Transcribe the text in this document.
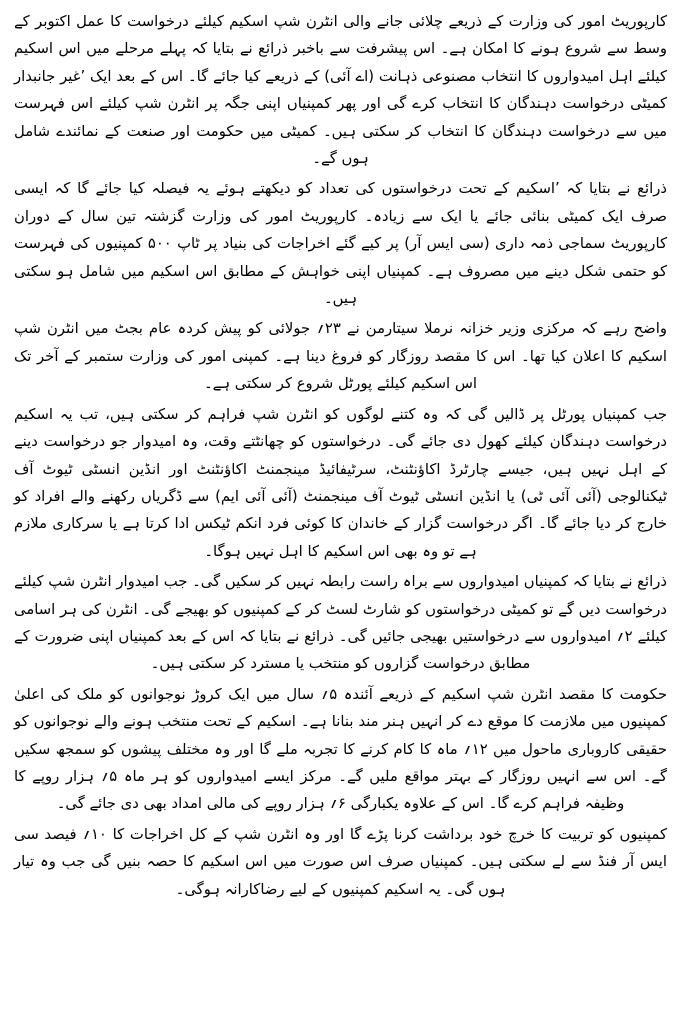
کارپوریٹ امور کی وزارت کے ذریعے چلائی جانے والی انٹرن شپ اسکیم کیلئے درخواست کا عمل اکتوبر کے وسط سے شروع ہونے کا امکان ہے۔ اس پیشرفت سے باخبر ذرائع نے بتایا کہ پہلے مرحلے میں اس اسکیم کیلئے اہل امیدواروں کا انتخاب مصنوعی ذہانت (اے آئی) کے ذریعے کیا جائے گا۔ اس کے بعد ایک ’غیر جانبدار کمیٹی درخواست دہندگان کا انتخاب کرے گی اور پھر کمپنیاں اپنی جگہ پر انٹرن شپ کیلئے اس فہرست میں سے درخواست دہندگان کا انتخاب کر سکتی ہیں۔ کمیٹی میں حکومت اور صنعت کے نمائندے شامل ہوں گے۔

ذرائع نے بتایا کہ ’اسکیم کے تحت درخواستوں کی تعداد کو دیکھتے ہوئے یہ فیصلہ کیا جائے گا کہ ایسی صرف ایک کمیٹی بنائی جائے یا ایک سے زیادہ۔ کارپوریٹ امور کی وزارت گزشتہ تین سال کے دوران کارپوریٹ سماجی ذمہ داری (سی ایس آر) پر کیے گئے اخراجات کی بنیاد پر ٹاپ ۵۰۰ کمپنیوں کی فہرست کو حتمی شکل دینے میں مصروف ہے۔ کمپنیاں اپنی خواہش کے مطابق اس اسکیم میں شامل ہو سکتی ہیں۔

واضح رہے کہ مرکزی وزیر خزانہ نرملا سیتارمن نے ۲۳؍ جولائی کو پیش کردہ عام بجٹ میں انٹرن شپ اسکیم کا اعلان کیا تھا۔ اس کا مقصد روزگار کو فروغ دینا ہے۔ کمپنی امور کی وزارت ستمبر کے آخر تک اس اسکیم کیلئے پورٹل شروع کر سکتی ہے۔

جب کمپنیاں پورٹل پر ڈالیں گی کہ وہ کتنے لوگوں کو انٹرن شپ فراہم کر سکتی ہیں، تب یہ اسکیم درخواست دہندگان کیلئے کھول دی جائے گی۔ درخواستوں کو چھانٹتے وقت، وہ امیدوار جو درخواست دینے کے اہل نہیں ہیں، جیسے چارٹرڈ اکاؤنٹنٹ، سرٹیفائیڈ مینجمنٹ اکاؤنٹنٹ اور انڈین انسٹی ٹیوٹ آف ٹیکنالوجی (آئی آئی ٹی) یا انڈین انسٹی ٹیوٹ آف مینجمنٹ (آئی آئی ایم) سے ڈگریاں رکھنے والے افراد کو خارج کر دیا جائے گا۔ اگر درخواست گزار کے خاندان کا کوئی فرد انکم ٹیکس ادا کرتا ہے یا سرکاری ملازم ہے تو وہ بھی اس اسکیم کا اہل نہیں ہوگا۔

ذرائع نے بتایا کہ کمپنیاں امیدواروں سے براہ راست رابطہ نہیں کر سکیں گی۔ جب امیدوار انٹرن شپ کیلئے درخواست دیں گے تو کمیٹی درخواستوں کو شارٹ لسٹ کر کے کمپنیوں کو بھیجے گی۔ انٹرن کی ہر اسامی کیلئے ۲؍ امیدواروں سے درخواستیں بھیجی جائیں گی۔ ذرائع نے بتایا کہ اس کے بعد کمپنیاں اپنی ضرورت کے مطابق درخواست گزاروں کو منتخب یا مسترد کر سکتی ہیں۔

حکومت کا مقصد انٹرن شپ اسکیم کے ذریعے آئندہ ۵؍ سال میں ایک کروڑ نوجوانوں کو ملک کی اعلیٰ کمپنیوں میں ملازمت کا موقع دے کر انہیں ہنر مند بنانا ہے۔ اسکیم کے تحت منتخب ہونے والے نوجوانوں کو حقیقی کاروباری ماحول میں ۱۲؍ ماہ کا کام کرنے کا تجربہ ملے گا اور وہ مختلف پیشوں کو سمجھ سکیں گے۔ اس سے انہیں روزگار کے بہتر مواقع ملیں گے۔ مرکز ایسے امیدواروں کو ہر ماہ ۵؍ ہزار روپے کا وظیفہ فراہم کرے گا۔ اس کے علاوہ یکبارگی ۶؍ ہزار روپے کی مالی امداد بھی دی جائے گی۔

کمپنیوں کو تربیت کا خرچ خود برداشت کرنا پڑے گا اور وہ انٹرن شپ کے کل اخراجات کا ۱۰؍ فیصد سی ایس آر فنڈ سے لے سکتی ہیں۔ کمپنیاں صرف اس صورت میں اس اسکیم کا حصہ بنیں گی جب وہ تیار ہوں گی۔ یہ اسکیم کمپنیوں کے لیے رضاکارانہ ہوگی۔
